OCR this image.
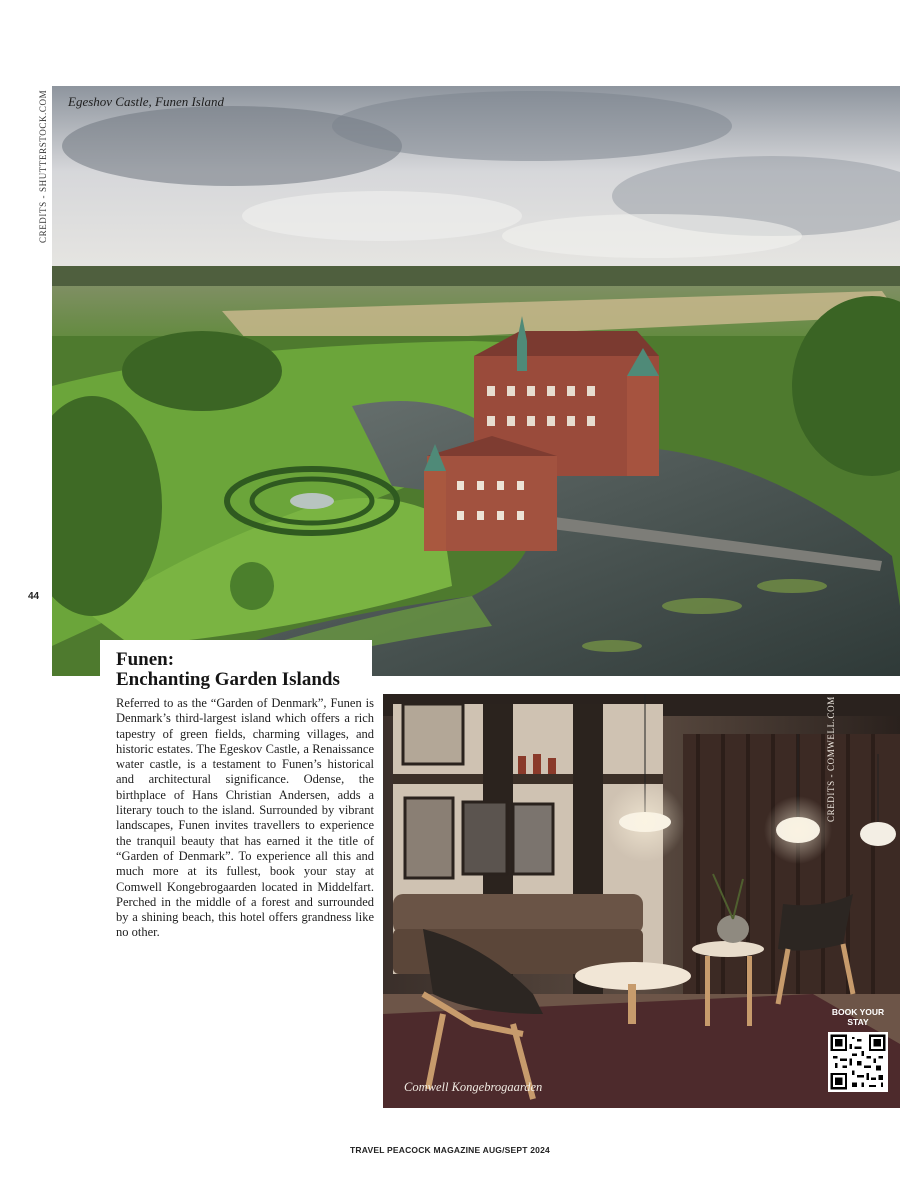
CREDITS - SHUTTERSTOCK.COM
44
Egeshov Castle, Funen Island
Funen:
Enchanting Garden Islands

Referred to as the “Garden of Denmark”, Funen is Denmark’s third-largest island which offers a rich tapestry of green fields, charming villages, and historic estates. The Egeskov Castle, a Renaissance water castle, is a testament to Funen’s historical and architectural significance. Odense, the birthplace of Hans Christian Andersen, adds a literary touch to the island. Surrounded by vibrant landscapes, Funen invites travellers to experience the tranquil beauty that has earned it the title of “Garden of Denmark”. To experience all this and much more at its fullest, book your stay at Comwell Kongebrogaarden located in Middelfart. Perched in the middle of a forest and surrounded by a shining beach, this hotel offers grandness like no other.

CREDITS - COMWELL.COM
Comwell Kongebrogaarden
BOOK YOUR
STAY
TRAVEL PEACOCK MAGAZINE AUG/SEPT 2024
